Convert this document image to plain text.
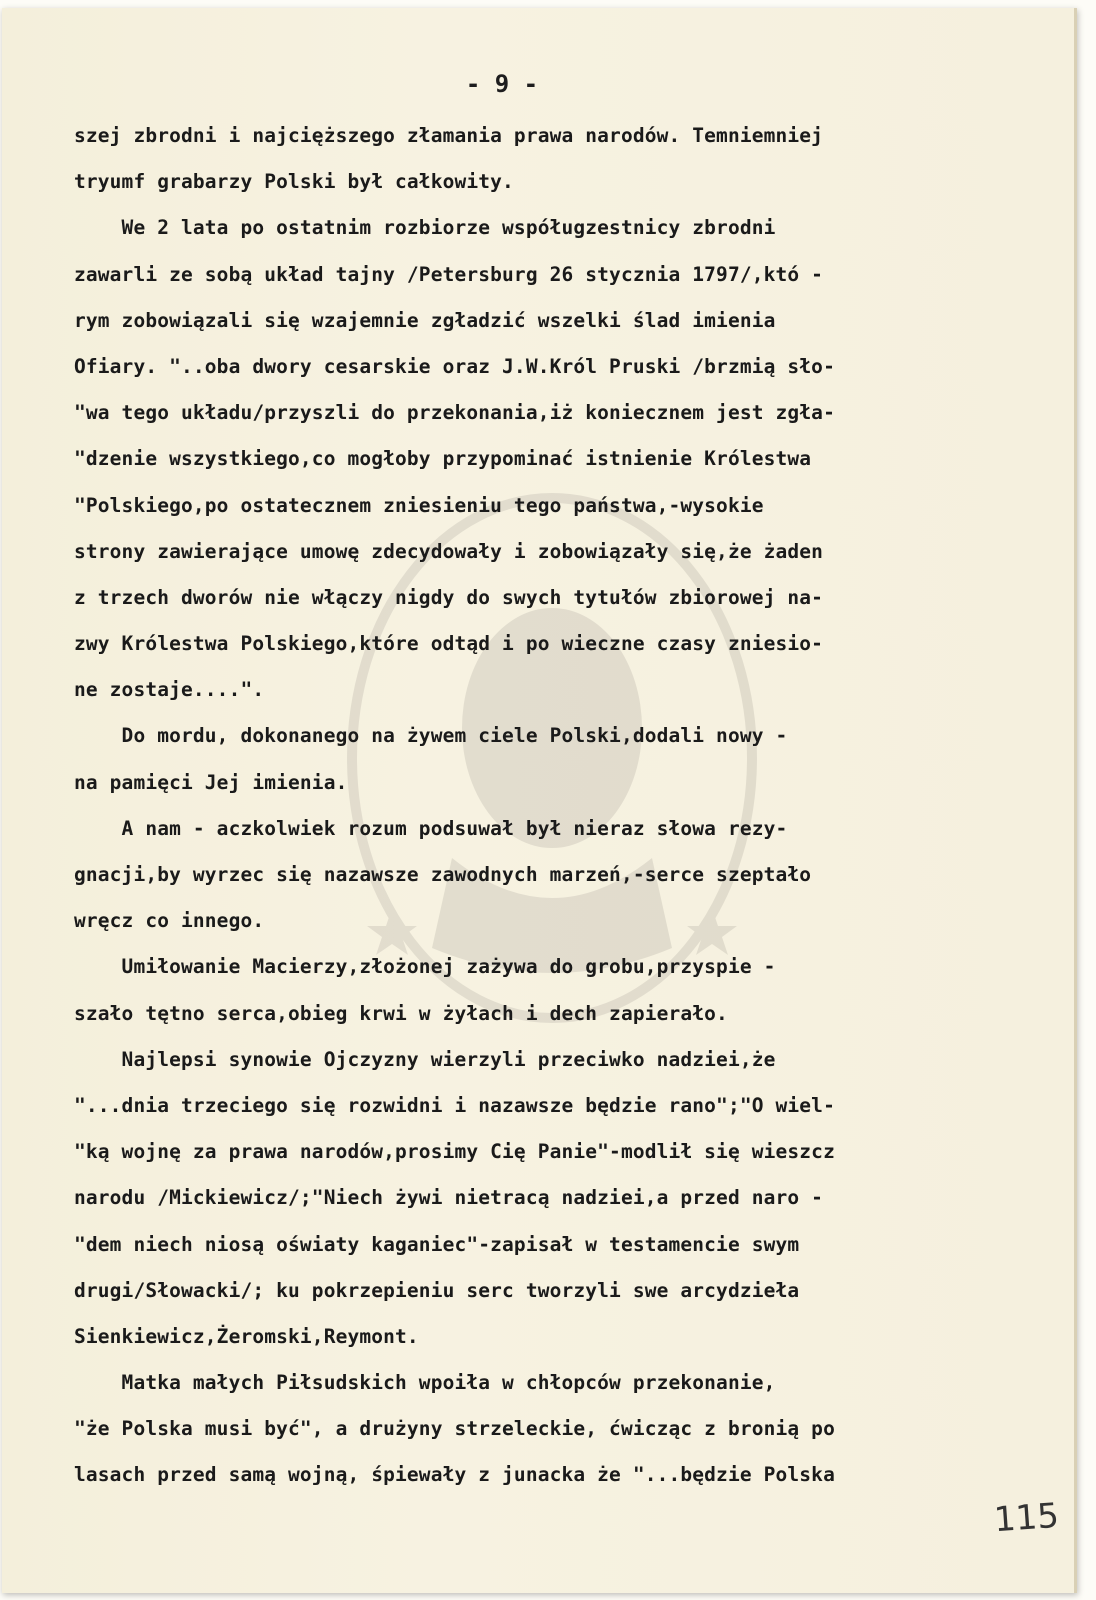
- 9 -
szej zbrodni i najcięższego złamania prawa narodów. Temniemniej
tryumf grabarzy Polski był całkowity.
We 2 lata po ostatnim rozbiorze współugzestnicy zbrodni
zawarli ze sobą układ tajny /Petersburg 26 stycznia 1797/,któ -
rym zobowiązali się wzajemnie zgładzić wszelki ślad imienia
Ofiary. "..oba dwory cesarskie oraz J.W.Król Pruski /brzmią sło-
"wa tego układu/przyszli do przekonania,iż koniecznem jest zgła-
"dzenie wszystkiego,co mogłoby przypominać istnienie Królestwa
"Polskiego,po ostatecznem zniesieniu tego państwa,-wysokie
strony zawierające umowę zdecydowały i zobowiązały się,że żaden
z trzech dworów nie włączy nigdy do swych tytułów zbiorowej na-
zwy Królestwa Polskiego,które odtąd i po wieczne czasy zniesio-
ne zostaje....".
Do mordu, dokonanego na żywem ciele Polski,dodali nowy -
na pamięci Jej imienia.
A nam - aczkolwiek rozum podsuwał był nieraz słowa rezy-
gnacji,by wyrzec się nazawsze zawodnych marzeń,-serce szeptało
wręcz co innego.
Umiłowanie Macierzy,złożonej zażywa do grobu,przyspie -
szało tętno serca,obieg krwi w żyłach i dech zapierało.
Najlepsi synowie Ojczyzny wierzyli przeciwko nadziei,że
"...dnia trzeciego się rozwidni i nazawsze będzie rano";"O wiel-
"ką wojnę za prawa narodów,prosimy Cię Panie"-modlił się wieszcz
narodu /Mickiewicz/;"Niech żywi nietracą nadziei,a przed naro -
"dem niech niosą oświaty kaganiec"-zapisał w testamencie swym
drugi/Słowacki/; ku pokrzepieniu serc tworzyli swe arcydzieła
Sienkiewicz,Żeromski,Reymont.
Matka małych Piłsudskich wpoiła w chłopców przekonanie,
"że Polska musi być", a drużyny strzeleckie, ćwicząc z bronią po
lasach przed samą wojną, śpiewały z junacka że "...będzie Polska
115
